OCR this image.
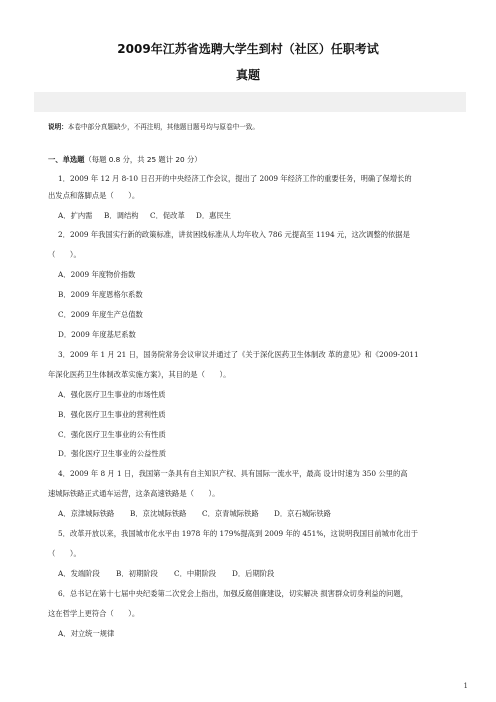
2009年江苏省选聘大学生到村（社区）任职考试
真题
说明：本卷中部分真题缺少，不再注明，其他题目题号均与原卷中一致。
一、单选题（每题 0.8 分，共 25 题计 20 分）
1．2009 年 12 月 8-10 日召开的中央经济工作会议，提出了 2009 年经济工作的重要任务，明确了保增长的
出发点和落脚点是（　　）。
A．扩内需 B．调结构 C．促改革 D．惠民生
2．2009 年我国实行新的政策标准，讲贫困线标准从人均年收入 786 元提高至 1194 元，这次调整的依据是
（　　）。
A．2009 年度物价指数
B．2009 年度恩格尔系数
C．2009 年度生产总值数
D．2009 年度基尼系数
3．2009 年 1 月 21 日，国务院常务会议审议并通过了《关于深化医药卫生体制改 革的意见》和《2009-2011
年深化医药卫生体制改革实施方案》，其目的是（　　）。
A．强化医疗卫生事业的市场性质
B．强化医疗卫生事业的营利性质
C．强化医疗卫生事业的公有性质
D．强化医疗卫生事业的公益性质
4．2009 年 8 月 1 日，我国第一条具有自主知识产权、具有国际一流水平，最高 设计时速为 350 公里的高
速城际铁路正式通车运营，这条高速铁路是（　　）。
A．京津城际铁路 B．京沈城际铁路 C．京青城际铁路 D．京石城际铁路
5．改革开放以来，我国城市化水平由 1978 年的 179%提高到 2009 年的 451%，这说明我国目前城市化出于
（　　）。
A．发端阶段 B．初期阶段 C．中期阶段 D．后期阶段
6．总书记在第十七届中央纪委第二次党会上指出，加强反腐倡廉建设，切实解决 损害群众切身利益的问题，
这在哲学上更符合（　　）。
A．对立统一规律
1
